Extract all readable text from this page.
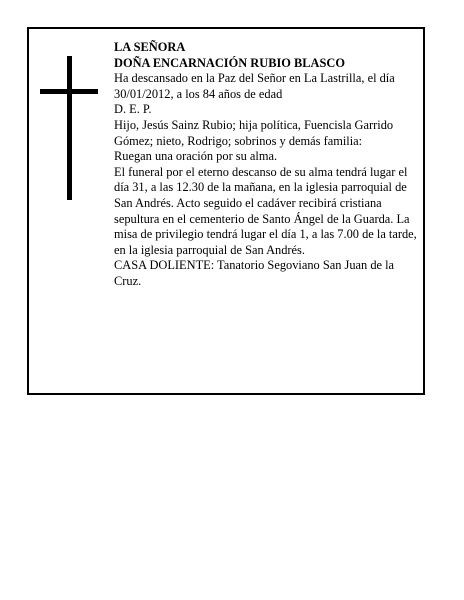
LA SEÑORA

DOÑA ENCARNACIÓN RUBIO BLASCO

Ha descansado en la Paz del Señor en La Lastrilla, el día 30/01/2012, a los 84 años de edad

D. E. P.

Hijo, Jesús Sainz Rubio; hija política, Fuencisla Garrido Gómez; nieto, Rodrigo; sobrinos y demás familia:

Ruegan una oración por su alma.

El funeral por el eterno descanso de su alma tendrá lugar el día 31, a las 12.30 de la mañana, en la iglesia parroquial de San Andrés. Acto seguido el cadáver recibirá cristiana sepultura en el cementerio de Santo Ángel de la Guarda. La misa de privilegio tendrá lugar el día 1, a las 7.00 de la tarde, en la iglesia parroquial de San Andrés.

CASA DOLIENTE: Tanatorio Segoviano San Juan de la Cruz.
